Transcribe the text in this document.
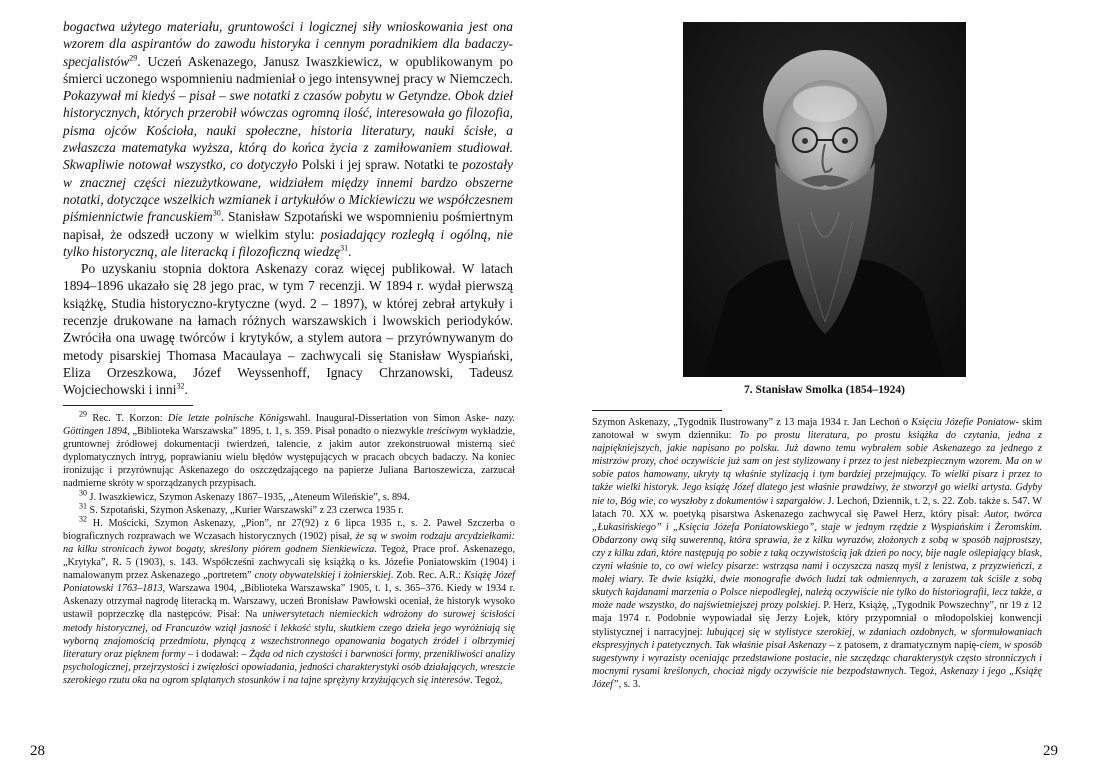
bogactwa użytego materiału, gruntowości i logicznej siły wnioskowania jest ona wzorem dla aspirantów do zawodu historyka i cennym poradnikiem dla badaczy-specjalistów$^{29}$. Uczeń Askenazego, Janusz Iwaszkiewicz, w opublikowanym po śmierci uczonego wspomnieniu nadmieniał o jego intensywnej pracy w Niemczech. Pokazywał mi kiedyś – pisał – swe notatki z czasów pobytu w Getyndze. Obok dzieł historycznych, których przerobił wówczas ogromną ilość, interesowała go filozofia, pisma ojców Kościoła, nauki społeczne, historia literatury, nauki ścisłe, a zwłaszcza matematyka wyższa, którą do końca życia z zamiłowaniem studiował. Skwapliwie notował wszystko, co dotyczyło Polski i jej spraw. Notatki te pozostały w znacznej części niezużytkowane, widziałem między innemi bardzo obszerne notatki, dotyczące wszelkich wzmianek i artykułów o Mickiewiczu we współczesnem piśmiennictwie francuskiem$^{30}$. Stanisław Szpotański we wspomnieniu pośmiertnym napisał, że odszedł uczony w wielkim stylu: posiadający rozległą i ogólną, nie tylko historyczną, ale literacką i filozoficzną wiedzę$^{31}$.

Po uzyskaniu stopnia doktora Askenazy coraz więcej publikował. W latach 1894–1896 ukazało się 28 jego prac, w tym 7 recenzji. W 1894 r. wydał pierwszą książkę, Studia historyczno-krytyczne (wyd. 2 – 1897), w której zebrał artykuły i recenzje drukowane na łamach różnych warszawskich i lwowskich periodyków. Zwróciła ona uwagę twórców i krytyków, a stylem autora – przyrównywanym do metody pisarskiej Thomasa Macaulaya – zachwycali się Stanisław Wyspiański, Eliza Orzeszkowa, Józef Weyssenhoff, Ignacy Chrzanowski, Tadeusz Wojciechowski i inni$^{32}$.

$^{29}$ Rec. T. Korzon: Die letzte polnische Königswahl. Inaugural-Dissertation von Simon Aske- nazy. Göttingen 1894, „Biblioteka Warszawska” 1895, t. 1, s. 359. Pisał ponadto o niezwykle treściwym wykładzie, gruntownej źródłowej dokumentacji twierdzeń, talencie, z jakim autor zrekonstruował misterną sieć dyplomatycznych intryg, poprawianiu wielu błędów występujących w pracach obcych badaczy. Na koniec ironizując i przyrównując Askenazego do oszczędzającego na papierze Juliana Bartoszewicza, zarzucał nadmierne skróty w sporządzanych przypisach.

$^{30}$ J. Iwaszkiewicz, Szymon Askenazy 1867–1935, „Ateneum Wileńskie”, s. 894.

$^{31}$ S. Szpotański, Szymon Askenazy, „Kurier Warszawski” z 23 czerwca 1935 r.

$^{32}$ H. Mościcki, Szymon Askenazy, „Pion”, nr 27(92) z 6 lipca 1935 r., s. 2. Paweł Szczerba o biograficznych rozprawach we Wczasach historycznych (1902) pisał, że są w swoim rodzaju arcydziełkami: na kilku stronicach żywot bogaty, skreślony piórem godnem Sienkiewicza. Tegoż, Prace prof. Askenazego, „Krytyka”, R. 5 (1903), s. 143. Współcześni zachwycali się książką o ks. Józefie Poniatowskim (1904) i namalowanym przez Askenazego „portretem” cnoty obywatelskiej i żołnierskiej. Zob. Rec. A.R.: Książę Józef Poniatowski 1763–1813, Warszawa 1904, „Biblioteka Warszawska” 1905, t. 1, s. 365–376. Kiedy w 1934 r. Askenazy otrzymał nagrodę literacką m. Warszawy, uczeń Bronisław Pawłowski oceniał, że historyk wysoko ustawił poprzeczkę dla następców. Pisał: Na uniwersytetach niemieckich wdrożony do surowej ścisłości metody historycznej, od Francuzów wziął jasność i lekkość stylu, skutkiem czego dzieła jego wyróżniają się wyborną znajomością przedmiotu, płynącą z wszechstronnego opanowania bogatych źródeł i olbrzymiej literatury oraz pięknem formy – i dodawał: – Żąda od nich czystości i barwności formy, przenikliwości analizy psychologicznej, przejrzystości i zwięzłości opowiadania, jedności charakterystyki osób działających, wreszcie szerokiego rzutu oka na ogrom splątanych stosunków i na tajne sprężyny krzyżujących się interesów. Tegoż,

28
7. Stanisław Smolka (1854–1924)
Szymon Askenazy, „Tygodnik Ilustrowany” z 13 maja 1934 r. Jan Lechoń o Księciu Józefie Poniatow- skim zanotował w swym dzienniku: To po prostu literatura, po prostu książka do czytania, jedna z najpiękniejszych, jakie napisano po polsku. Już dawno temu wybrałem sobie Askenazego za jednego z mistrzów prozy, choć oczywiście już sam on jest stylizowany i przez to jest niebezpiecznym wzorem. Ma on w sobie patos hamowany, ukryty tą właśnie stylizacją i tym bardziej przejmujący. To wielki pisarz i przez to także wielki historyk. Jego książę Józef dlatego jest właśnie prawdziwy, że stworzył go wielki artysta. Gdyby nie to, Bóg wie, co wyszłoby z dokumentów i szpargałów. J. Lechoń, Dziennik, t. 2, s. 22. Zob. także s. 547. W latach 70. XX w. poetyką pisarstwa Askenazego zachwycał się Paweł Herz, który pisał: Autor, twórca „Łukasińskiego” i „Księcia Józefa Poniatowskiego”, staje w jednym rzędzie z Wyspiańskim i Żeromskim. Obdarzony ową siłą suwerenną, która sprawia, że z kilku wyrazów, złożonych z sobą w sposób najprostszy, czy z kilku zdań, które następują po sobie z taką oczywistością jak dzień po nocy, bije nagle oślepiający blask, czyni właśnie to, co owi wielcy pisarze: wstrząsa nami i oczyszcza naszą myśl z lenistwa, z przyzwieńczi, z małej wiary. Te dwie książki, dwie monografie dwóch ludzi tak odmiennych, a zarazem tak ściśle z sobą skutych kajdanami marzenia o Polsce niepodległej, należą oczywiście nie tylko do historiografii, lecz także, a może nade wszystko, do najświetniejszej prozy polskiej. P. Herz, Książę, „Tygodnik Powszechny”, nr 19 z 12 maja 1974 r. Podobnie wypowiadał się Jerzy Łojek, który przypomniał o młodopolskiej konwencji stylistycznej i narracyjnej: lubującej się w stylistyce szerokiej, w zdaniach ozdobnych, w sformułowaniach ekspresyjnych i patetycznych. Tak właśnie pisał Askenazy – z patosem, z dramatycznym napię-ciem, w sposób sugestywny i wyrazisty oceniając przedstawione postacie, nie szczędząc charakterystyk często stronniczych i mocnymi rysami kreślonych, chociaż nigdy oczywiście nie bezpodstawnych. Tegoż, Askenazy i jego „Książę Józef”, s. 3.
29
